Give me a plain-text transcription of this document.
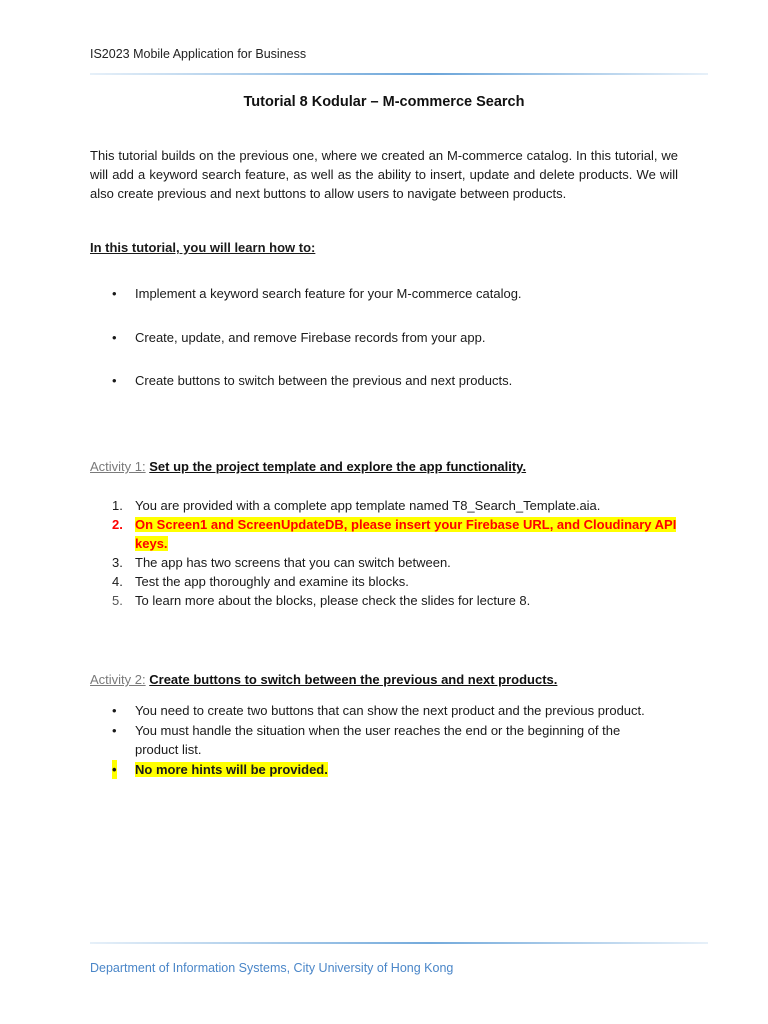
IS2023 Mobile Application for Business
Tutorial 8 Kodular – M-commerce Search

This tutorial builds on the previous one, where we created an M-commerce catalog. In this tutorial, we will add a keyword search feature, as well as the ability to insert, update and delete products. We will also create previous and next buttons to allow users to navigate between products.

In this tutorial, you will learn how to:
• Implement a keyword search feature for your M-commerce catalog.
• Create, update, and remove Firebase records from your app.
• Create buttons to switch between the previous and next products.
Activity 1: Set up the project template and explore the app functionality.
1. You are provided with a complete app template named T8_Search_Template.aia.
2. On Screen1 and ScreenUpdateDB, please insert your Firebase URL, and Cloudinary API keys.
3. The app has two screens that you can switch between.
4. Test the app thoroughly and examine its blocks.
5. To learn more about the blocks, please check the slides for lecture 8.
Activity 2: Create buttons to switch between the previous and next products.
• You need to create two buttons that can show the next product and the previous product.
• You must handle the situation when the user reaches the end or the beginning of the product list.
• No more hints will be provided.
Department of Information Systems, City University of Hong Kong
